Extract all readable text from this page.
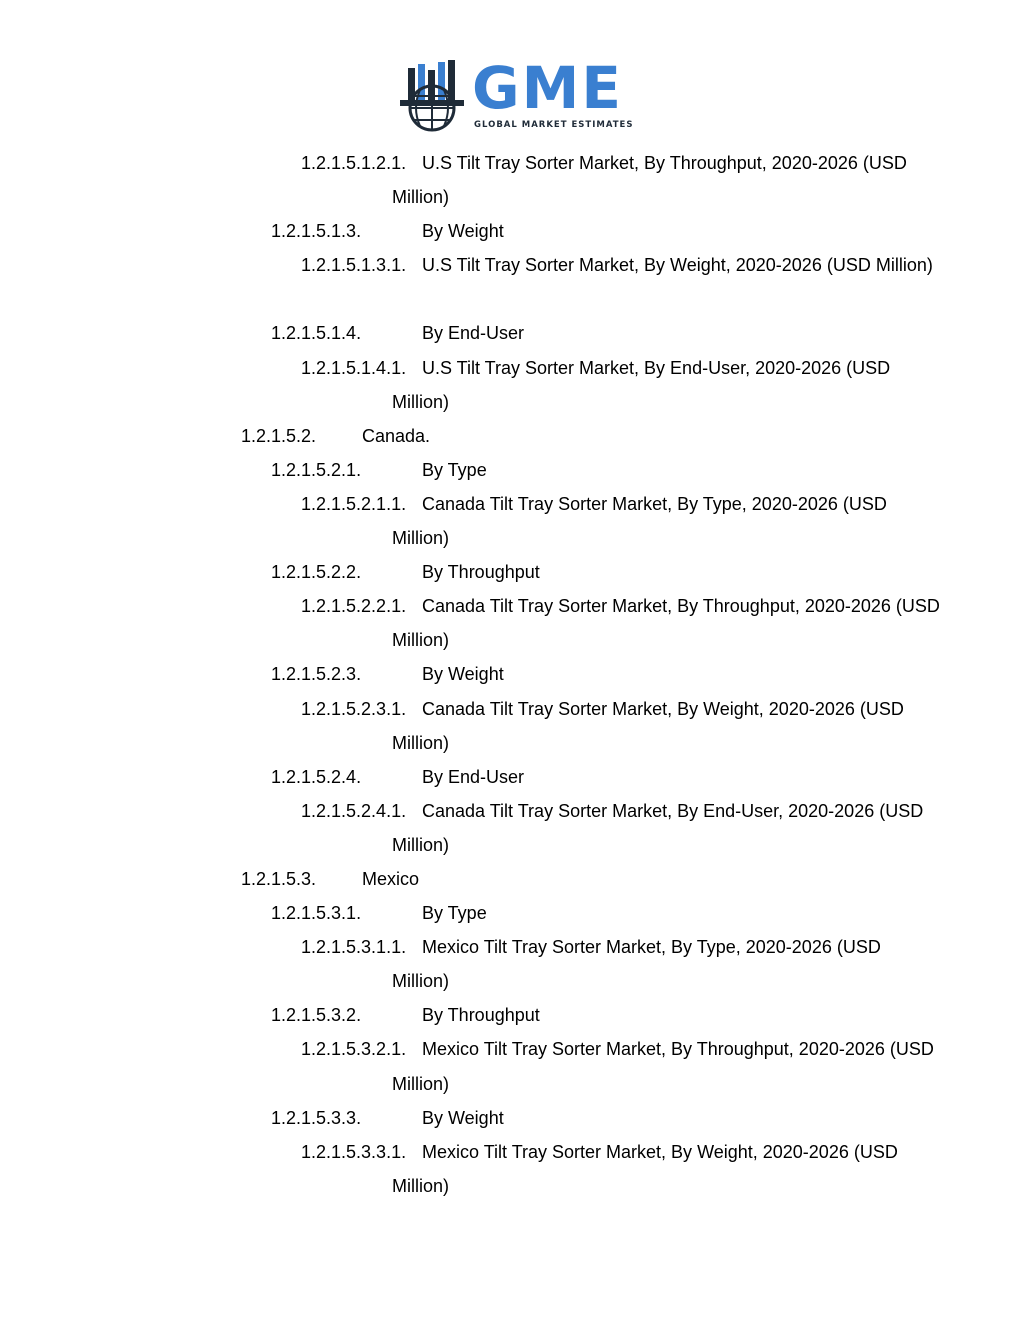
GME
GLOBAL MARKET ESTIMATES
1.2.1.5.1.2.1. U.S Tilt Tray Sorter Market, By Throughput, 2020-2026 (USD Million)
1.2.1.5.1.3.	By Weight
1.2.1.5.1.3.1. U.S Tilt Tray Sorter Market, By Weight, 2020-2026 (USD Million)
1.2.1.5.1.4.	By End-User
1.2.1.5.1.4.1. U.S Tilt Tray Sorter Market, By End-User, 2020-2026 (USD Million)
1.2.1.5.2.	Canada.
1.2.1.5.2.1.	By Type
1.2.1.5.2.1.1. Canada Tilt Tray Sorter Market, By Type, 2020-2026 (USD Million)
1.2.1.5.2.2.	By Throughput
1.2.1.5.2.2.1. Canada Tilt Tray Sorter Market, By Throughput, 2020-2026 (USD Million)
1.2.1.5.2.3.	By Weight
1.2.1.5.2.3.1. Canada Tilt Tray Sorter Market, By Weight, 2020-2026 (USD Million)
1.2.1.5.2.4.	By End-User
1.2.1.5.2.4.1. Canada Tilt Tray Sorter Market, By End-User, 2020-2026 (USD Million)
1.2.1.5.3.	Mexico
1.2.1.5.3.1.	By Type
1.2.1.5.3.1.1. Mexico Tilt Tray Sorter Market, By Type, 2020-2026 (USD Million)
1.2.1.5.3.2.	By Throughput
1.2.1.5.3.2.1. Mexico Tilt Tray Sorter Market, By Throughput, 2020-2026 (USD Million)
1.2.1.5.3.3.	By Weight
1.2.1.5.3.3.1. Mexico Tilt Tray Sorter Market, By Weight, 2020-2026 (USD Million)
